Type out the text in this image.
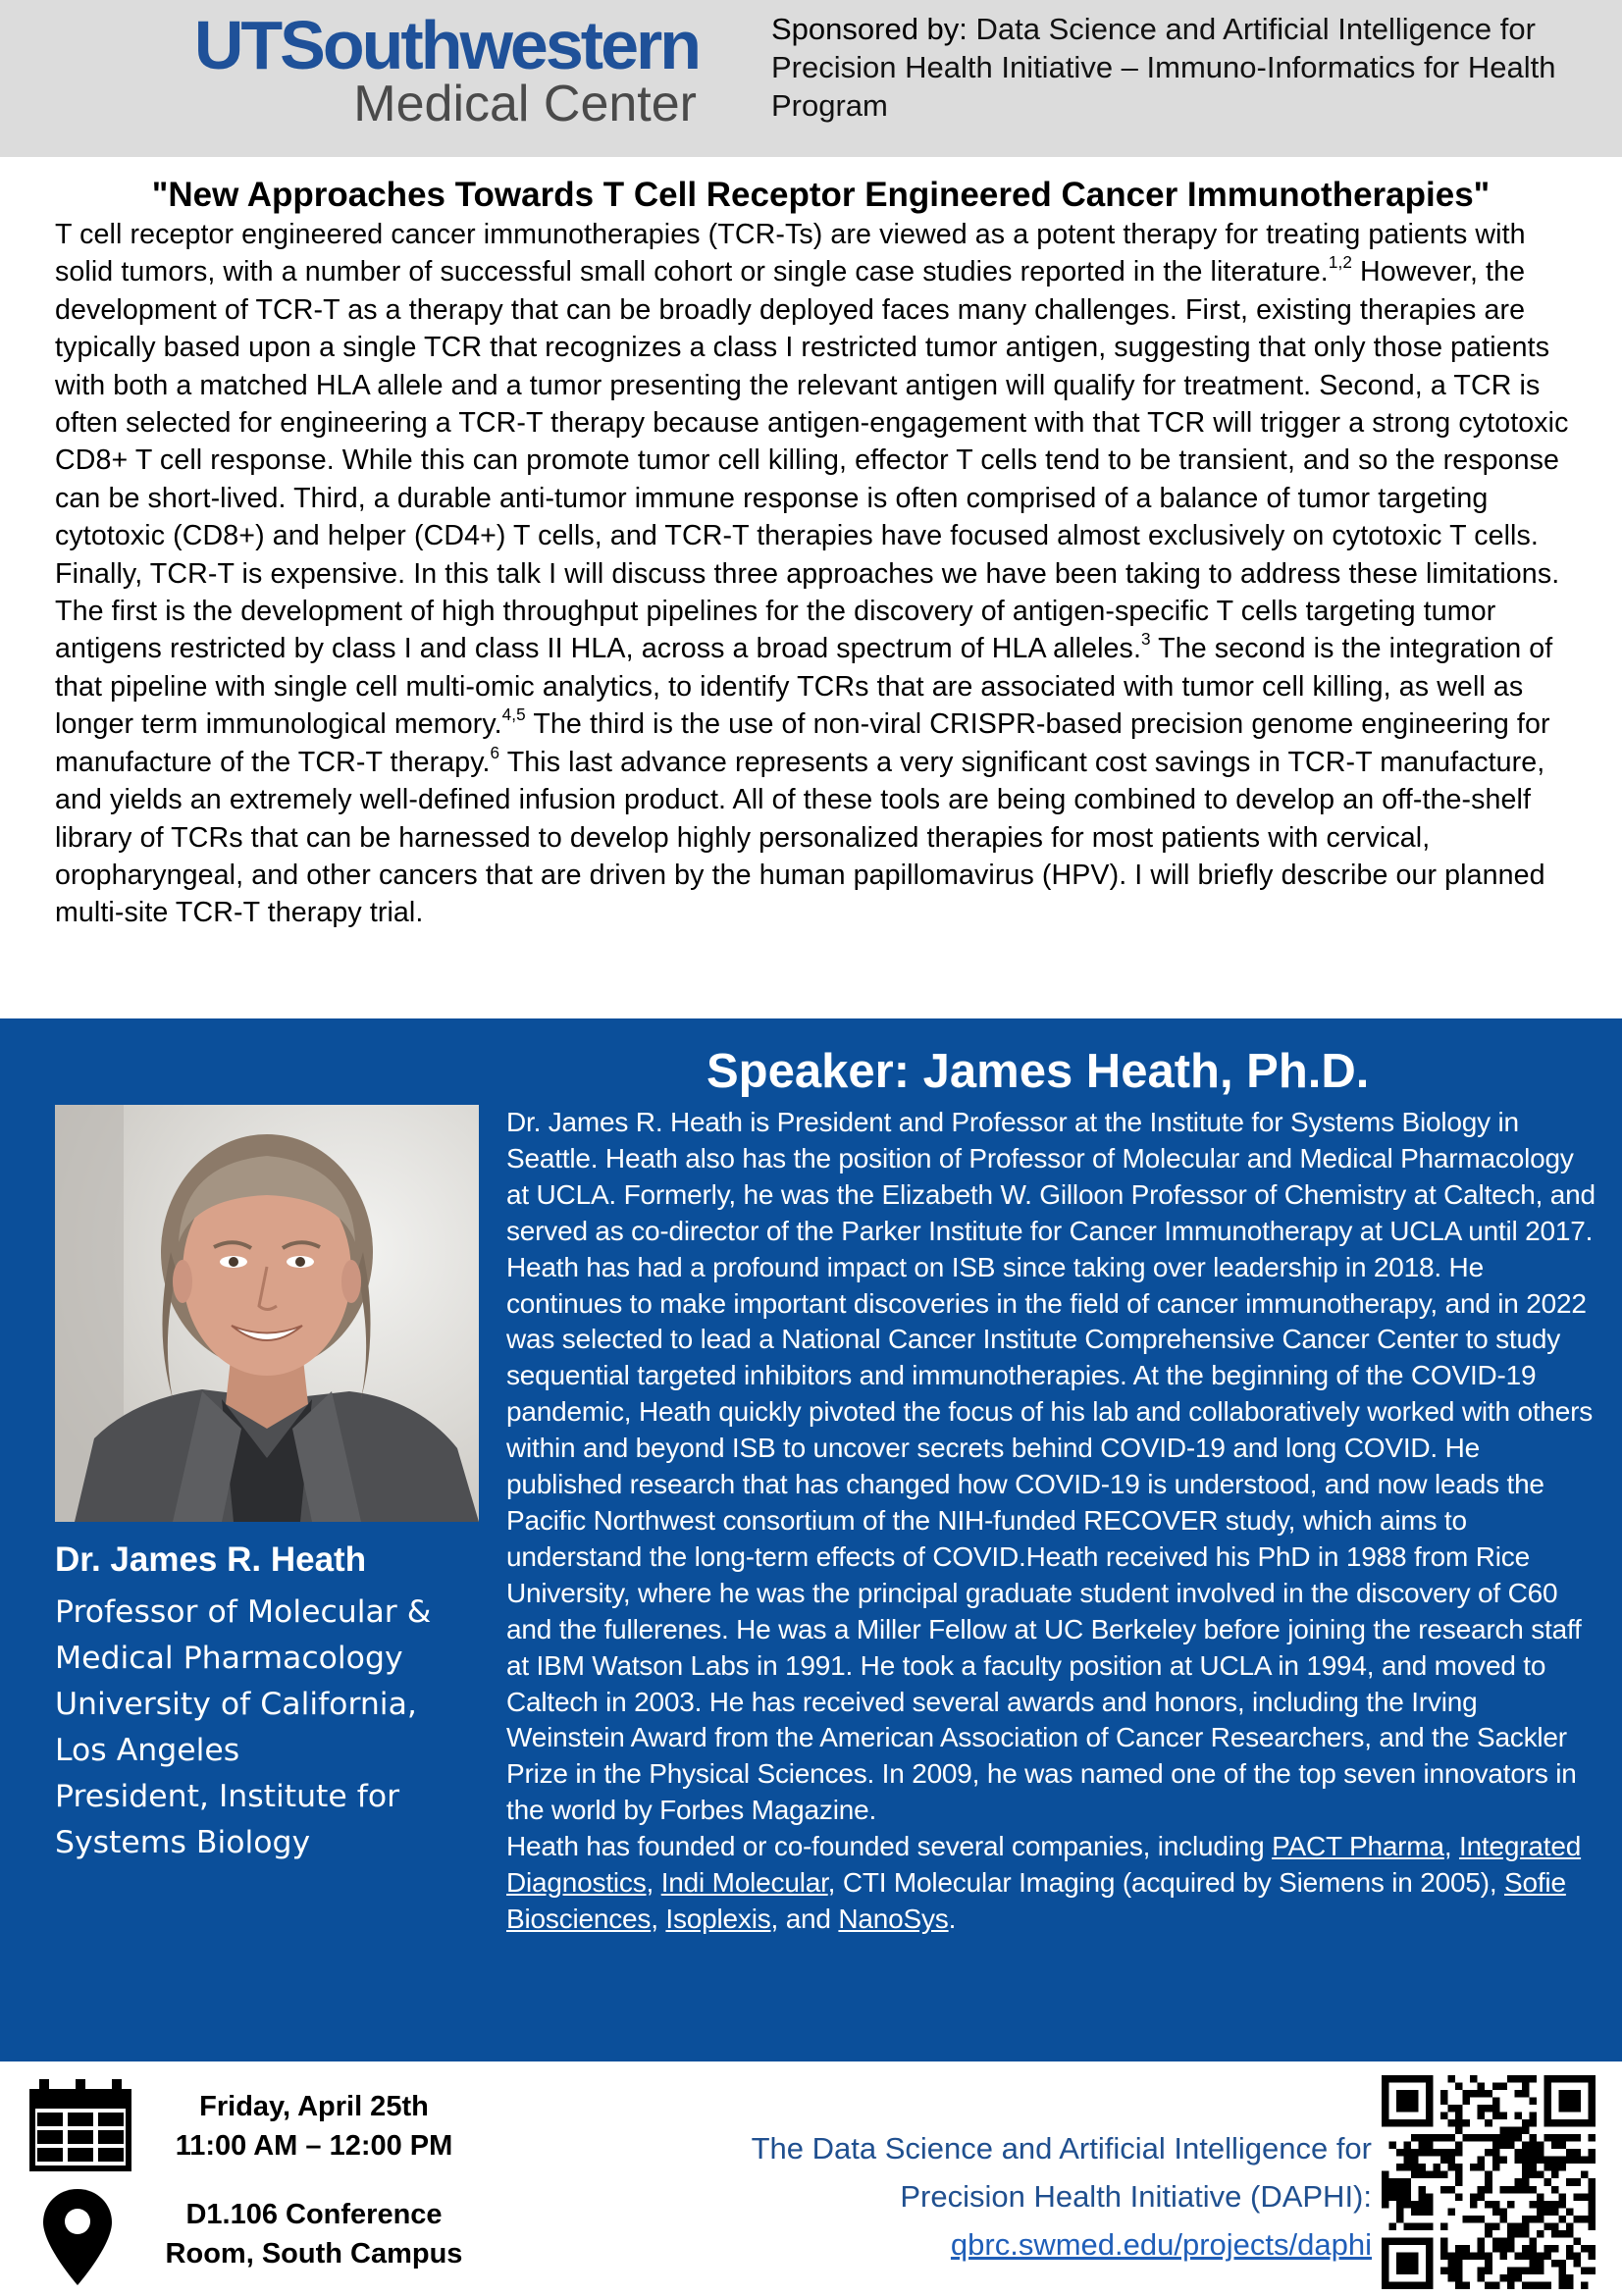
UTSouthwestern
Medical Center
Sponsored by: Data Science and Artificial Intelligence for Precision Health Initiative – Immuno-Informatics for Health Program
"New Approaches Towards T Cell Receptor Engineered Cancer Immunotherapies"

T cell receptor engineered cancer immunotherapies (TCR-Ts) are viewed as a potent therapy for treating patients with solid tumors, with a number of successful small cohort or single case studies reported in the literature.$^{1,2}$ However, the development of TCR-T as a therapy that can be broadly deployed faces many challenges. First, existing therapies are typically based upon a single TCR that recognizes a class I restricted tumor antigen, suggesting that only those patients with both a matched HLA allele and a tumor presenting the relevant antigen will qualify for treatment. Second, a TCR is often selected for engineering a TCR-T therapy because antigen-engagement with that TCR will trigger a strong cytotoxic CD8+ T cell response. While this can promote tumor cell killing, effector T cells tend to be transient, and so the response can be short-lived. Third, a durable anti-tumor immune response is often comprised of a balance of tumor targeting cytotoxic (CD8+) and helper (CD4+) T cells, and TCR-T therapies have focused almost exclusively on cytotoxic T cells. Finally, TCR-T is expensive. In this talk I will discuss three approaches we have been taking to address these limitations. The first is the development of high throughput pipelines for the discovery of antigen-specific T cells targeting tumor antigens restricted by class I and class II HLA, across a broad spectrum of HLA alleles.$^3$ The second is the integration of that pipeline with single cell multi-omic analytics, to identify TCRs that are associated with tumor cell killing, as well as longer term immunological memory.$^{4,5}$ The third is the use of non-viral CRISPR-based precision genome engineering for manufacture of the TCR-T therapy.$^6$ This last advance represents a very significant cost savings in TCR-T manufacture, and yields an extremely well-defined infusion product. All of these tools are being combined to develop an off-the-shelf library of TCRs that can be harnessed to develop highly personalized therapies for most patients with cervical, oropharyngeal, and other cancers that are driven by the human papillomavirus (HPV). I will briefly describe our planned multi-site TCR-T therapy trial.

Speaker: James Heath, Ph.D.
Dr. James R. Heath
Professor of Molecular &
Medical Pharmacology
University of California,
Los Angeles
President, Institute for
Systems Biology

Dr. James R. Heath is President and Professor at the Institute for Systems Biology in Seattle. Heath also has the position of Professor of Molecular and Medical Pharmacology at UCLA. Formerly, he was the Elizabeth W. Gilloon Professor of Chemistry at Caltech, and served as co-director of the Parker Institute for Cancer Immunotherapy at UCLA until 2017. Heath has had a profound impact on ISB since taking over leadership in 2018. He continues to make important discoveries in the field of cancer immunotherapy, and in 2022 was selected to lead a National Cancer Institute Comprehensive Cancer Center to study sequential targeted inhibitors and immunotherapies. At the beginning of the COVID-19 pandemic, Heath quickly pivoted the focus of his lab and collaboratively worked with others within and beyond ISB to uncover secrets behind COVID-19 and long COVID. He published research that has changed how COVID-19 is understood, and now leads the Pacific Northwest consortium of the NIH-funded RECOVER study, which aims to understand the long-term effects of COVID.Heath received his PhD in 1988 from Rice University, where he was the principal graduate student involved in the discovery of C60 and the fullerenes. He was a Miller Fellow at UC Berkeley before joining the research staff at IBM Watson Labs in 1991. He took a faculty position at UCLA in 1994, and moved to Caltech in 2003. He has received several awards and honors, including the Irving Weinstein Award from the American Association of Cancer Researchers, and the Sackler Prize in the Physical Sciences. In 2009, he was named one of the top seven innovators in the world by Forbes Magazine.

Heath has founded or co-founded several companies, including PACT Pharma, Integrated Diagnostics, Indi Molecular, CTI Molecular Imaging (acquired by Siemens in 2005), Sofie Biosciences, Isoplexis, and NanoSys.

Friday, April 25th
11:00 AM – 12:00 PM
D1.106 Conference
Room, South Campus
The Data Science and Artificial Intelligence for
Precision Health Initiative (DAPHI):
qbrc.swmed.edu/projects/daphi
